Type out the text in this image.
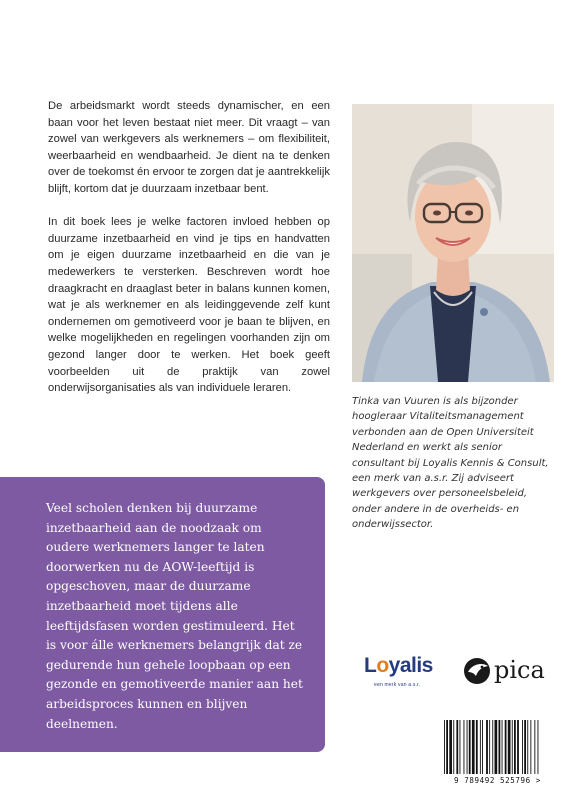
De arbeidsmarkt wordt steeds dynamischer, en een baan voor het leven bestaat niet meer. Dit vraagt – van zowel van werkgevers als werknemers – om flexibiliteit, weerbaarheid en wendbaarheid. Je dient na te denken over de toekomst én ervoor te zorgen dat je aantrekkelijk blijft, kortom dat je duurzaam inzetbaar bent.

In dit boek lees je welke factoren invloed hebben op duurzame inzetbaarheid en vind je tips en handvatten om je eigen duurzame inzetbaarheid en die van je medewerkers te versterken. Beschreven wordt hoe draagkracht en draaglast beter in balans kunnen komen, wat je als werknemer en als leidinggevende zelf kunt ondernemen om gemotiveerd voor je baan te blijven, en welke mogelijkheden en regelingen voorhanden zijn om gezond langer door te werken. Het boek geeft voorbeelden uit de praktijk van zowel onderwijsorganisaties als van individuele leraren.

Tinka van Vuuren is als bijzonder hoogleraar Vitaliteitsmanagement verbonden aan de Open Universiteit Nederland en werkt als senior consultant bij Loyalis Kennis & Consult, een merk van a.s.r. Zij adviseert werkgevers over personeelsbeleid, onder andere in de overheids- en onderwijssector.
Veel scholen denken bij duurzame inzetbaarheid aan de noodzaak om oudere werknemers langer te laten doorwerken nu de AOW-leeftijd is opgeschoven, maar de duurzame inzetbaarheid moet tijdens alle leeftijdsfasen worden gestimuleerd. Het is voor álle werknemers belangrijk dat ze gedurende hun gehele loopbaan op een gezonde en gemotiveerde manier aan het arbeidsproces kunnen en blijven deelnemen.
Loyalis
een merk van a.s.r.
pica
9 789492 525796 >
